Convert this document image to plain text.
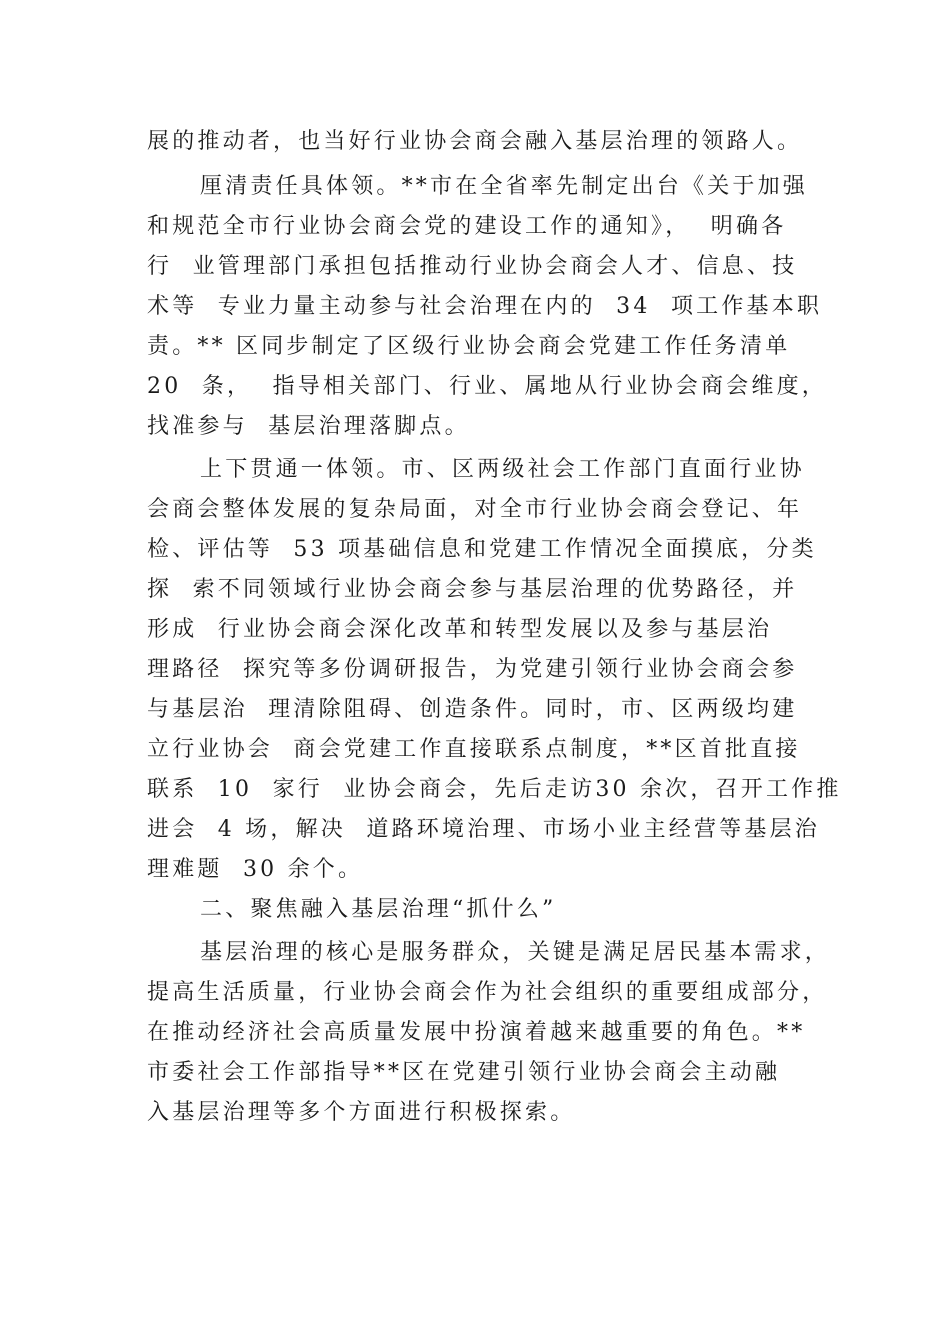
展的推动者，也当好行业协会商会融入基层治理的领路人。
厘清责任具体领。**市在全省率先制定出台《关于加强
和规范全市行业协会商会党的建设工作的通知》，  明确各
行  业管理部门承担包括推动行业协会商会人才、信息、技
术等  专业力量主动参与社会治理在内的  34  项工作基本职
责。** 区同步制定了区级行业协会商会党建工作任务清单
20  条，  指导相关部门、行业、属地从行业协会商会维度，
找准参与  基层治理落脚点。
上下贯通一体领。市、区两级社会工作部门直面行业协
会商会整体发展的复杂局面，对全市行业协会商会登记、年
检、评估等  53 项基础信息和党建工作情况全面摸底，分类
探  索不同领域行业协会商会参与基层治理的优势路径，并
形成  行业协会商会深化改革和转型发展以及参与基层治
理路径  探究等多份调研报告，为党建引领行业协会商会参
与基层治  理清除阻碍、创造条件。同时，市、区两级均建
立行业协会  商会党建工作直接联系点制度，**区首批直接
联系  10  家行  业协会商会，先后走访30 余次，召开工作推
进会  4 场，解决  道路环境治理、市场小业主经营等基层治
理难题  30 余个。
二、聚焦融入基层治理“抓什么”
基层治理的核心是服务群众，关键是满足居民基本需求，
提高生活质量，行业协会商会作为社会组织的重要组成部分，
在推动经济社会高质量发展中扮演着越来越重要的角色。**
市委社会工作部指导**区在党建引领行业协会商会主动融
入基层治理等多个方面进行积极探索。
